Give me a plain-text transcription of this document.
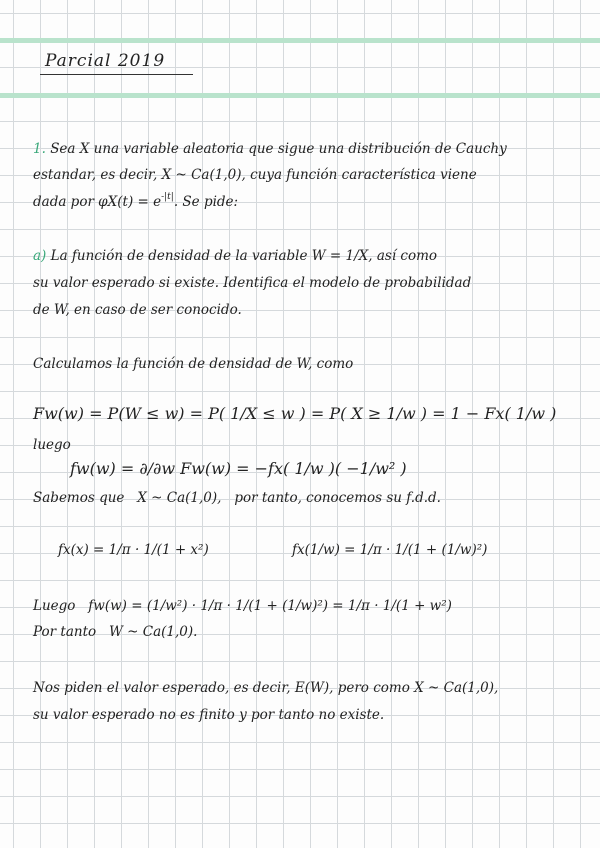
Parcial 2019
1. Sea 𝑋 una variable aleatoria que sigue una distribución de Cauchy
estandar, es decir, 𝑋 ~ Ca(1,0), cuya función característica viene
dada por $\varphi X(t) = e^{-|t|}$. Se pide:
a) La función de densidad de la variable W = 1/X, así como
su valor esperado si existe. Identifica el modelo de probabilidad
de W, en caso de ser conocido.
Calculamos la función de densidad de W, como
Fw(w) = P(W ≤ w) = P( 1/X ≤ w ) = P( X ≥ 1/w ) = 1 − Fx( 1/w )
luego
fw(w) = ∂/∂w Fw(w) = −fx( 1/w )( −1/w² )
Sabemos que X ~ Ca(1,0), por tanto, conocemos su f.d.d.
fx(x) = 1/π · 1/(1 + x²)	fx(1/w) = 1/π · 1/(1 + (1/w)²)
Luego fw(w) = (1/w²) · 1/π · 1/(1 + (1/w)²) = 1/π · 1/(1 + w²)
Por tanto W ~ Ca(1,0).
Nos piden el valor esperado, es decir, E(W), pero como X ~ Ca(1,0),
su valor esperado no es finito y por tanto no existe.
